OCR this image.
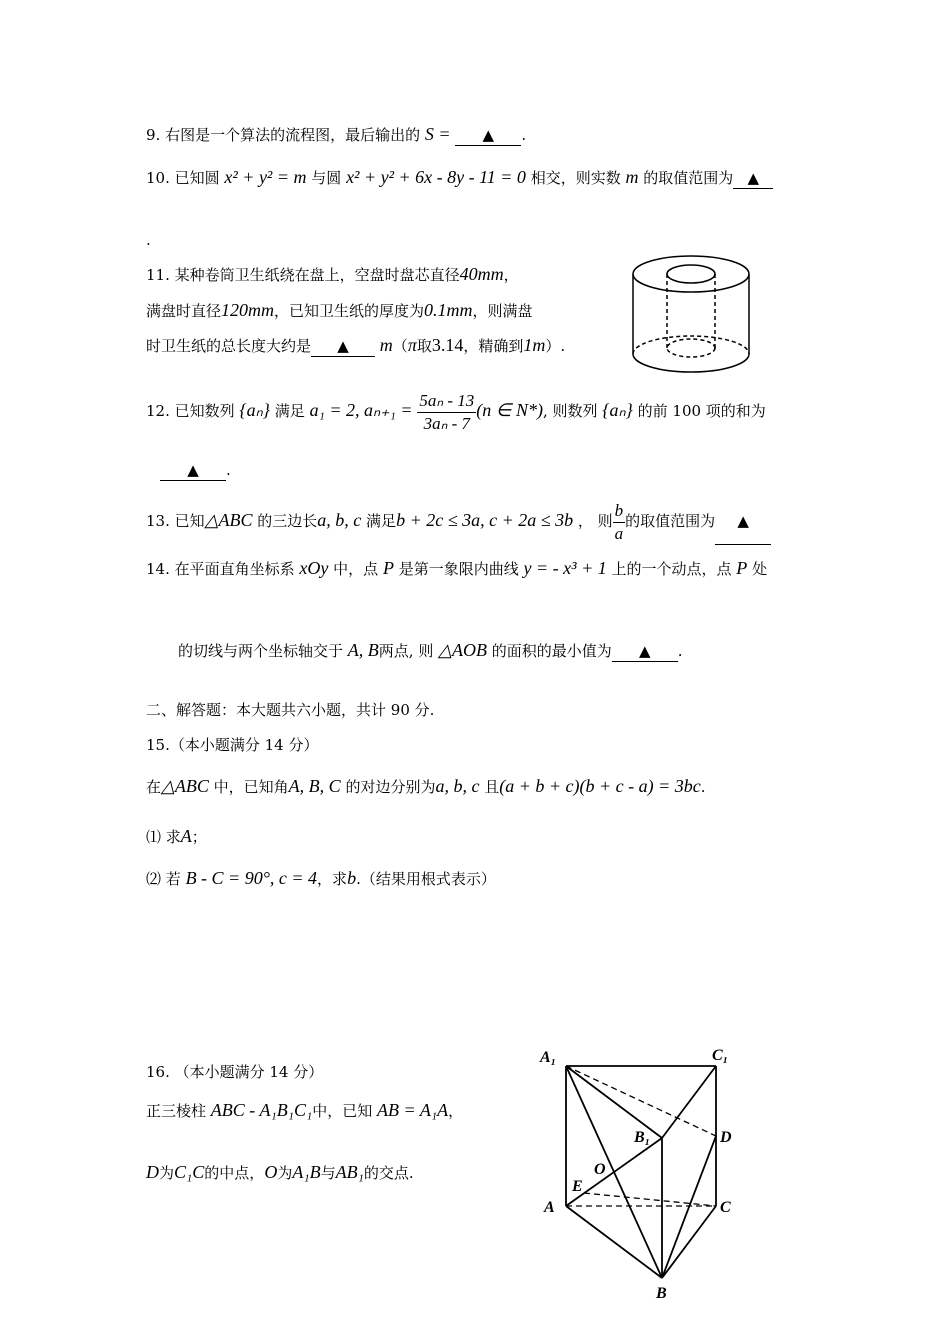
9. 右图是一个算法的流程图，最后输出的 S = ▲ .
10. 已知圆 x² + y² = m 与圆 x² + y² + 6x - 8y - 11 = 0 相交，则实数 m 的取值范围为 ▲
.
11. 某种卷筒卫生纸绕在盘上，空盘时盘芯直径40mm，
满盘时直径120mm，已知卫生纸的厚度为0.1mm，则满盘
时卫生纸的总长度大约是 ▲ m（π取3.14，精确到1m）.
12. 已知数列 {aₙ} 满足 a₁ = 2, $a_{n+1} = \frac{\text{5aₙ - 13}}{\text{3aₙ - 7}} (n$ ∈ N*), 则数列 {aₙ} 的前 100 项的和为
▲ .
13. 已知△ABC 的三边长a, b, c 满足b + 2c ≤ 3a, c + 2a ≤ 3b ， 则 $\frac{b}{a}$ 的取值范围为 ▲
14. 在平面直角坐标系 xOy 中，点 P 是第一象限内曲线 y = - x³ + 1 上的一个动点，点 P 处
的切线与两个坐标轴交于 A, B两点, 则 △AOB 的面积的最小值为 ▲ .
二、解答题：本大题共六小题，共计 90 分.
15.（本小题满分 14 分）
在△ABC 中，已知角A, B, C 的对边分别为a, b, c 且(a + b + c)(b + c - a) = 3bc.
⑴ 求A；
⑵ 若 B - C = 90°, c = 4，求b.（结果用根式表示）
16. （本小题满分 14 分）
正三棱柱 ABC - A₁B₁C₁中，已知 AB = A₁A，
D为C₁C的中点，O为A₁B与AB₁的交点.
A₁	C₁
B₁	D
O
E
A	C
B
